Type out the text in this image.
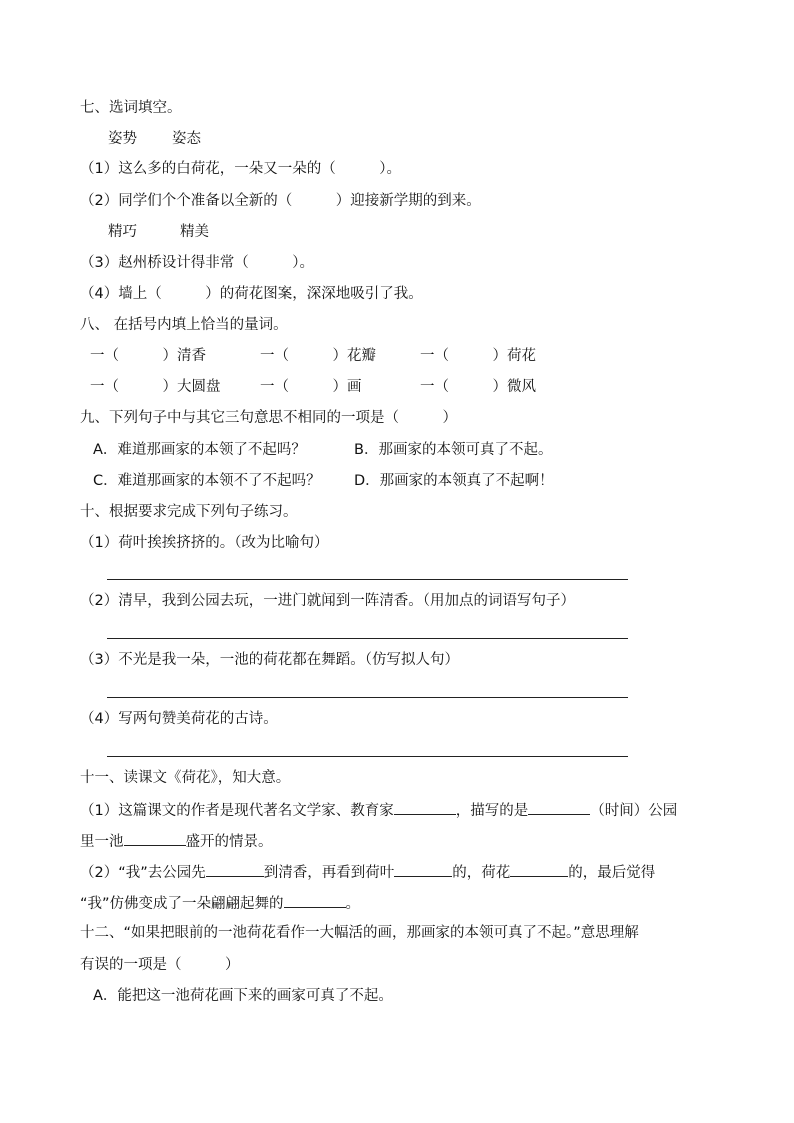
七、选词填空。
姿势 姿态
（1）这么多的白荷花，一朵又一朵的（　　　）。
（2）同学们个个准备以全新的（　　　）迎接新学期的到来。
精巧	精美
（3）赵州桥设计得非常（　　　）。
（4）墙上（　　　）的荷花图案，深深地吸引了我。
八、 在括号内填上恰当的量词。
一（　　　）清香	一（　　　）花瓣	一（　　　）荷花
一（　　　）大圆盘	一（　　　）画	一（　　　）微风
九、下列句子中与其它三句意思不相同的一项是（　　　）
A．难道那画家的本领了不起吗？	B．那画家的本领可真了不起。
C．难道那画家的本领不了不起吗？ D．那画家的本领真了不起啊！
十、根据要求完成下列句子练习。
（1）荷叶挨挨挤挤的。（改为比喻句）
（2）清早，我到公园去玩，一进门就闻到一阵清香。（用加点的词语写句子）
（3）不光是我一朵，一池的荷花都在舞蹈。（仿写拟人句）
（4）写两句赞美荷花的古诗。
十一、读课文《荷花》，知大意。
（1）这篇课文的作者是现代著名文学家、教育家	，描写的是	（时间）公园
里一池	盛开的情景。
（2）“我”去公园先	到清香，再看到荷叶	的，荷花	的，最后觉得
“我”仿佛变成了一朵翩翩起舞的	。
十二、“如果把眼前的一池荷花看作一大幅活的画，那画家的本领可真了不起。”意思理解
有误的一项是（　　　）
A．能把这一池荷花画下来的画家可真了不起。
